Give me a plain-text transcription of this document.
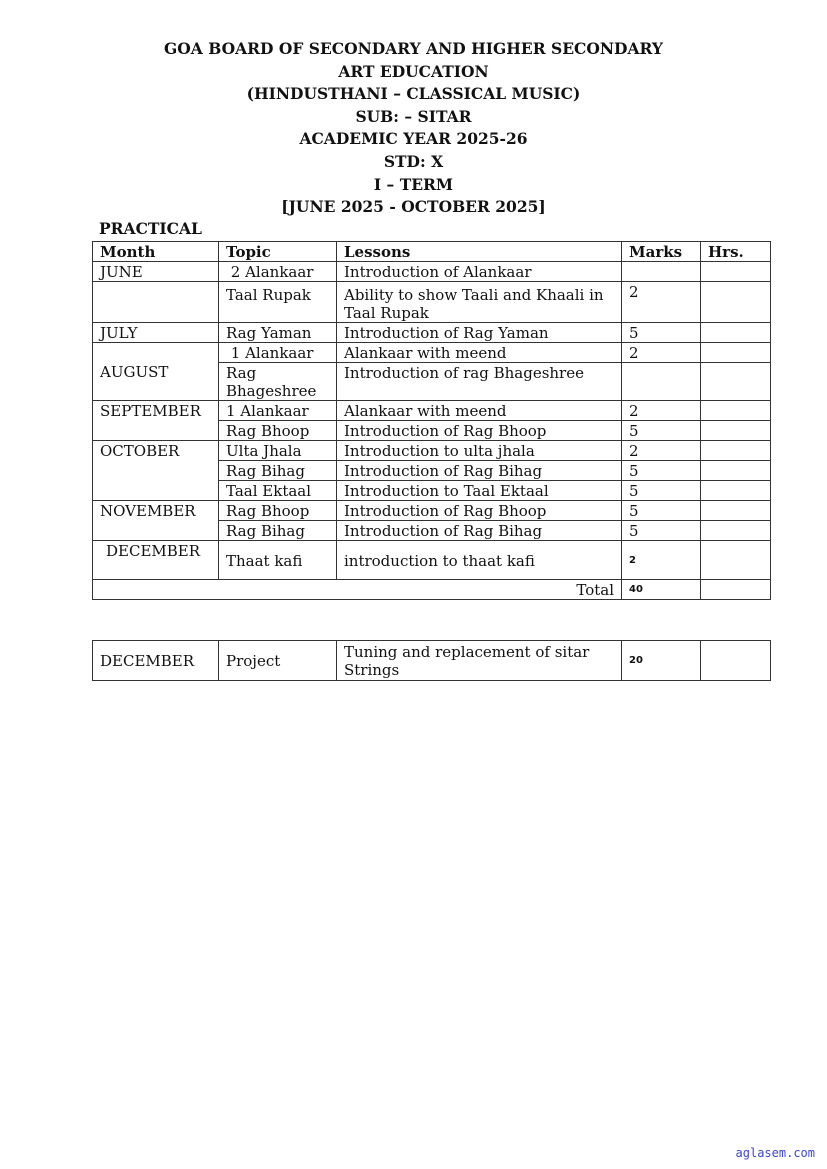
GOA BOARD OF SECONDARY AND HIGHER SECONDARY
ART EDUCATION
(HINDUSTHANI – CLASSICAL MUSIC)
SUB: – SITAR
ACADEMIC YEAR 2025-26
STD: X
I – TERM
[JUNE 2025 - OCTOBER 2025]
PRACTICAL
Month	Topic	Lessons	Marks	Hrs.
JUNE	2 Alankaar	Introduction of Alankaar		
	Taal Rupak	Ability to show Taali and Khaali in Taal Rupak	2	
JULY	Rag Yaman	Introduction of Rag Yaman	5	
AUGUST	1 Alankaar	Alankaar with meend	2	
	Rag Bhageshree	Introduction of rag Bhageshree		
SEPTEMBER	1 Alankaar	Alankaar with meend	2	
	Rag Bhoop	Introduction of Rag Bhoop	5	
OCTOBER	Ulta Jhala	Introduction to ulta jhala	2	
	Rag Bihag	Introduction of Rag Bihag	5	
	Taal Ektaal	Introduction to Taal Ektaal	5	
NOVEMBER	Rag Bhoop	Introduction of Rag Bhoop	5	
	Rag Bihag	Introduction of Rag Bihag	5	
DECEMBER	Thaat kafi	introduction to thaat kafi	2	
Total			40	
DECEMBER	Project	Tuning and replacement of sitar Strings	20	
aglasem.com
